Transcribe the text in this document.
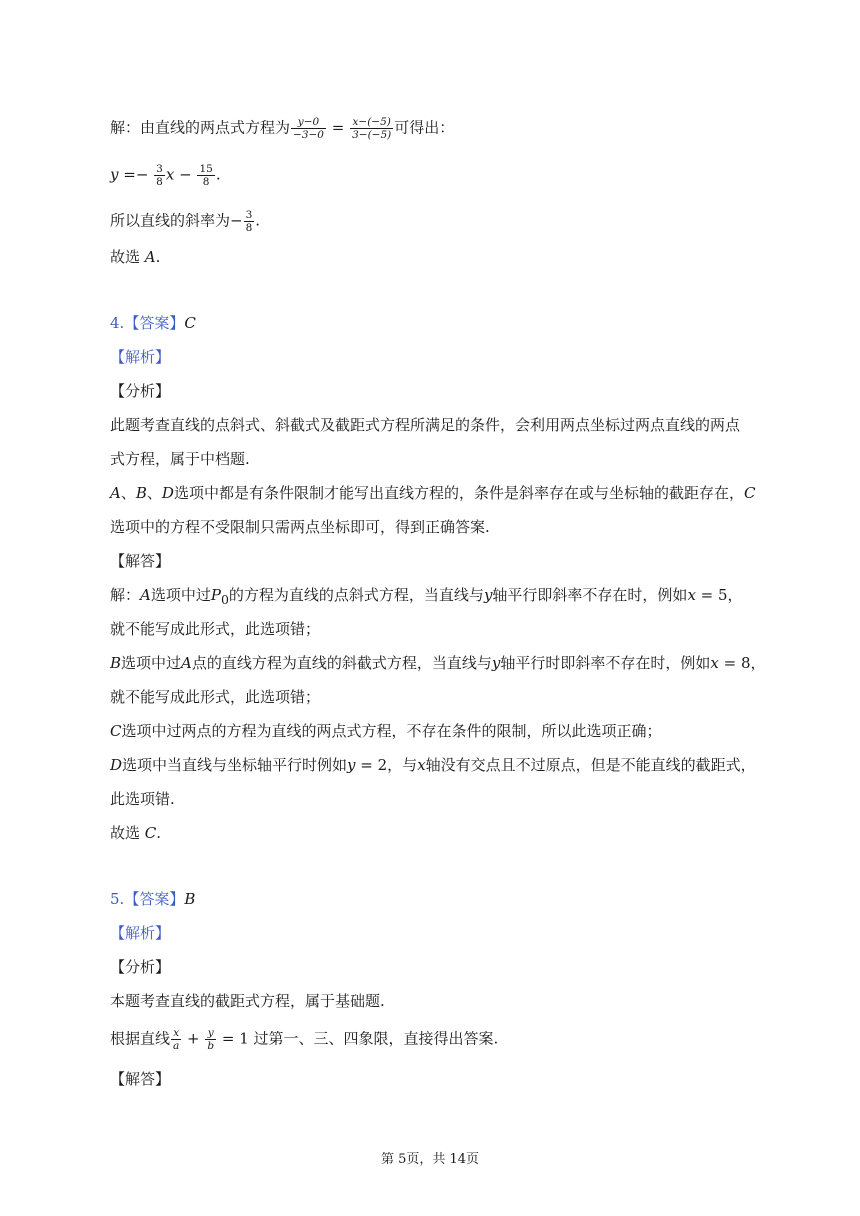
解：由直线的两点式方程为 $\frac{y-0}{-3-0} = \frac{x-(-5)}{3-(-5)}$ 可得出：
$y =- \frac{3}{8}$ $x - \frac{15}{8}$ .
所以直线的斜率为− $\frac{3}{8}$ .
故选 A.
4.【答案】C
【解析】
【分析】
此题考查直线的点斜式、斜截式及截距式方程所满足的条件，会利用两点坐标过两点直线的两点
式方程，属于中档题.
A、B、D选项中都是有条件限制才能写出直线方程的，条件是斜率存在或与坐标轴的截距存在，C
选项中的方程不受限制只需两点坐标即可，得到正确答案.
【解答】
解：A选项中过$P_0$的方程为直线的点斜式方程，当直线与y轴平行即斜率不存在时，例如x = 5，
就不能写成此形式，此选项错；
B选项中过A点的直线方程为直线的斜截式方程，当直线与y轴平行时即斜率不存在时，例如x = 8，
就不能写成此形式，此选项错；
C选项中过两点的方程为直线的两点式方程，不存在条件的限制，所以此选项正确；
D选项中当直线与坐标轴平行时例如y = 2，与x轴没有交点且不过原点，但是不能直线的截距式，
此选项错.
故选 C.
5.【答案】B
【解析】
【分析】
本题考查直线的截距式方程，属于基础题.
根据直线 $\frac{x}{a} + \frac{y}{b} = 1$ 过第一、三、四象限，直接得出答案.
【解答】
第 5页，共 14页
